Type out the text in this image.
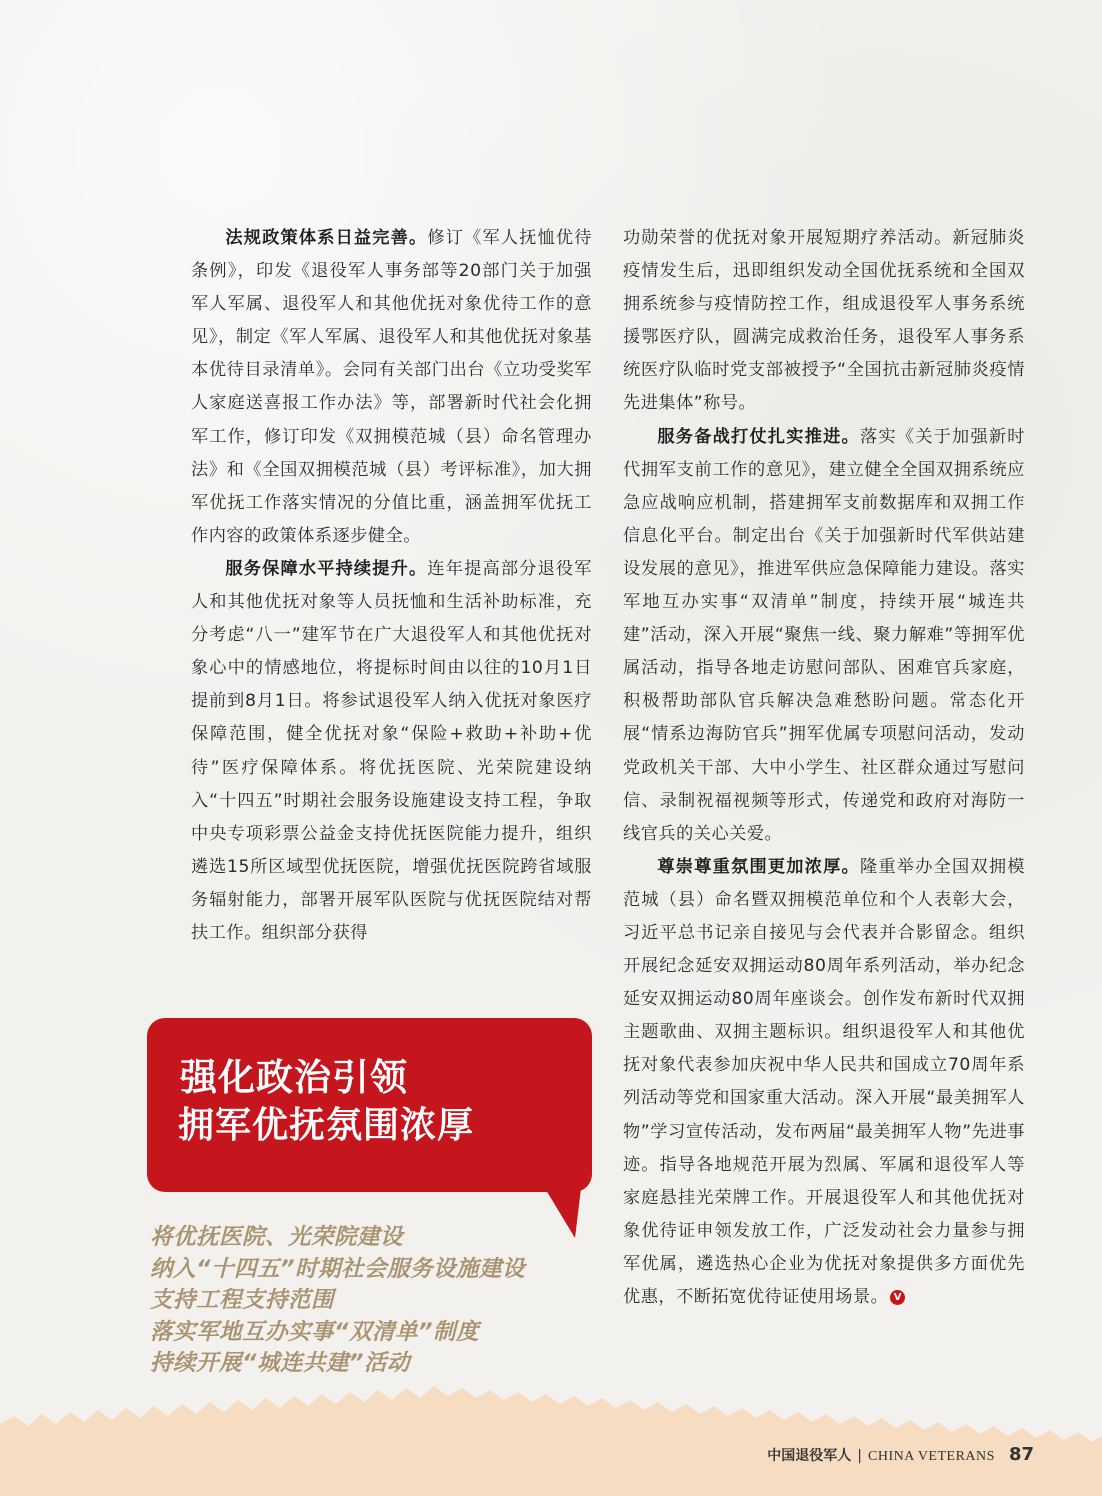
法规政策体系日益完善。修订《军人抚恤优待条例》，印发《退役军人事务部等20部门关于加强军人军属、退役军人和其他优抚对象优待工作的意见》，制定《军人军属、退役军人和其他优抚对象基本优待目录清单》。会同有关部门出台《立功受奖军人家庭送喜报工作办法》等，部署新时代社会化拥军工作，修订印发《双拥模范城（县）命名管理办法》和《全国双拥模范城（县）考评标准》，加大拥军优抚工作落实情况的分值比重，涵盖拥军优抚工作内容的政策体系逐步健全。

服务保障水平持续提升。连年提高部分退役军人和其他优抚对象等人员抚恤和生活补助标准，充分考虑“八一”建军节在广大退役军人和其他优抚对象心中的情感地位，将提标时间由以往的10月1日提前到8月1日。将参试退役军人纳入优抚对象医疗保障范围，健全优抚对象“保险+救助+补助+优待”医疗保障体系。将优抚医院、光荣院建设纳入“十四五”时期社会服务设施建设支持工程，争取中央专项彩票公益金支持优抚医院能力提升，组织遴选15所区域型优抚医院，增强优抚医院跨省域服务辐射能力，部署开展军队医院与优抚医院结对帮扶工作。组织部分获得

功勋荣誉的优抚对象开展短期疗养活动。新冠肺炎疫情发生后，迅即组织发动全国优抚系统和全国双拥系统参与疫情防控工作，组成退役军人事务系统援鄂医疗队，圆满完成救治任务，退役军人事务系统医疗队临时党支部被授予“全国抗击新冠肺炎疫情先进集体”称号。

服务备战打仗扎实推进。落实《关于加强新时代拥军支前工作的意见》，建立健全全国双拥系统应急应战响应机制，搭建拥军支前数据库和双拥工作信息化平台。制定出台《关于加强新时代军供站建设发展的意见》，推进军供应急保障能力建设。落实军地互办实事“双清单”制度，持续开展“城连共建”活动，深入开展“聚焦一线、聚力解难”等拥军优属活动，指导各地走访慰问部队、困难官兵家庭，积极帮助部队官兵解决急难愁盼问题。常态化开展“情系边海防官兵”拥军优属专项慰问活动，发动党政机关干部、大中小学生、社区群众通过写慰问信、录制祝福视频等形式，传递党和政府对海防一线官兵的关心关爱。

尊崇尊重氛围更加浓厚。隆重举办全国双拥模范城（县）命名暨双拥模范单位和个人表彰大会，习近平总书记亲自接见与会代表并合影留念。组织开展纪念延安双拥运动80周年系列活动，举办纪念延安双拥运动80周年座谈会。创作发布新时代双拥主题歌曲、双拥主题标识。组织退役军人和其他优抚对象代表参加庆祝中华人民共和国成立70周年系列活动等党和国家重大活动。深入开展“最美拥军人物”学习宣传活动，发布两届“最美拥军人物”先进事迹。指导各地规范开展为烈属、军属和退役军人等家庭悬挂光荣牌工作。开展退役军人和其他优抚对象优待证申领发放工作，广泛发动社会力量参与拥军优属，遴选热心企业为优抚对象提供多方面优先优惠，不断拓宽优待证使用场景。 V

强化政治引领
拥军优抚氛围浓厚
将优抚医院、光荣院建设
纳入“十四五”时期社会服务设施建设
支持工程支持范围
落实军地互办实事“双清单”制度
持续开展“城连共建”活动
中国退役军人 | CHINA VETERANS 87
